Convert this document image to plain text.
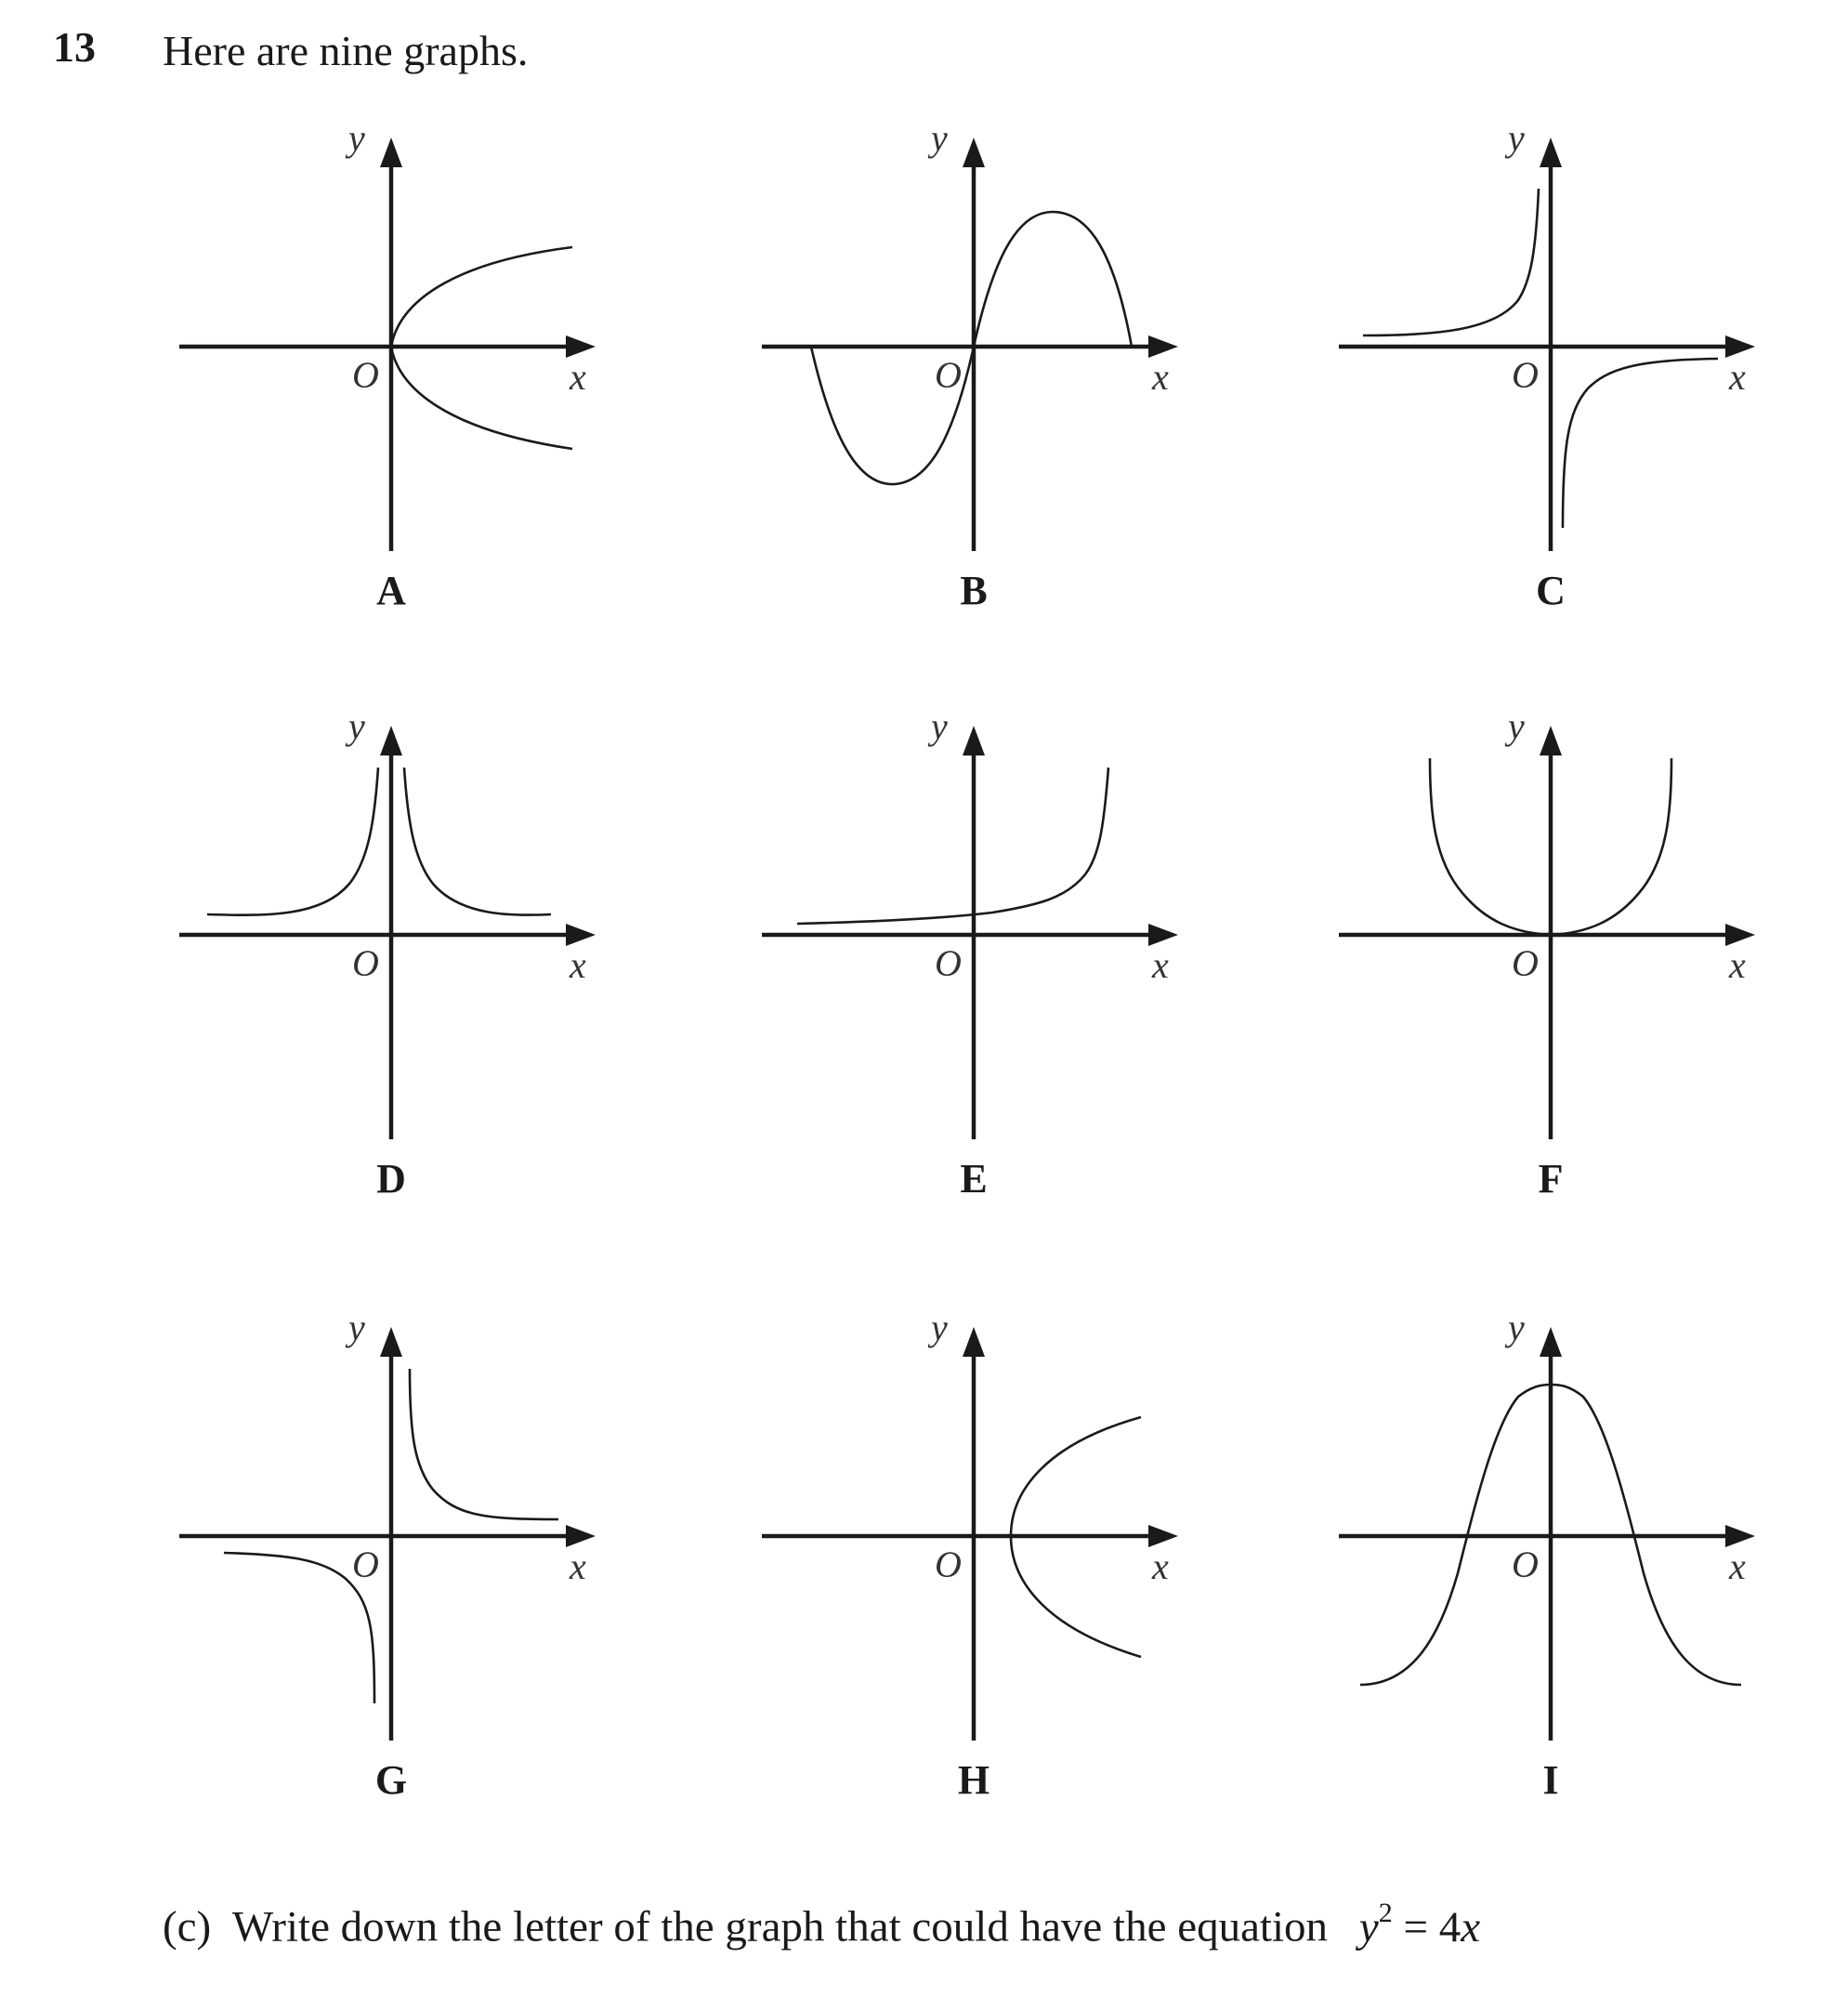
13 Here are nine graphs.
y
x
O
A
y
x
O
B
y
x
O
C
y
x
O
D
y
x
O
E
y
x
O
F
y
x
O
G
y
x
O
H
y
x
O
I
(c) Write down the letter of the graph that could have the equation $y^2 = 4x$
